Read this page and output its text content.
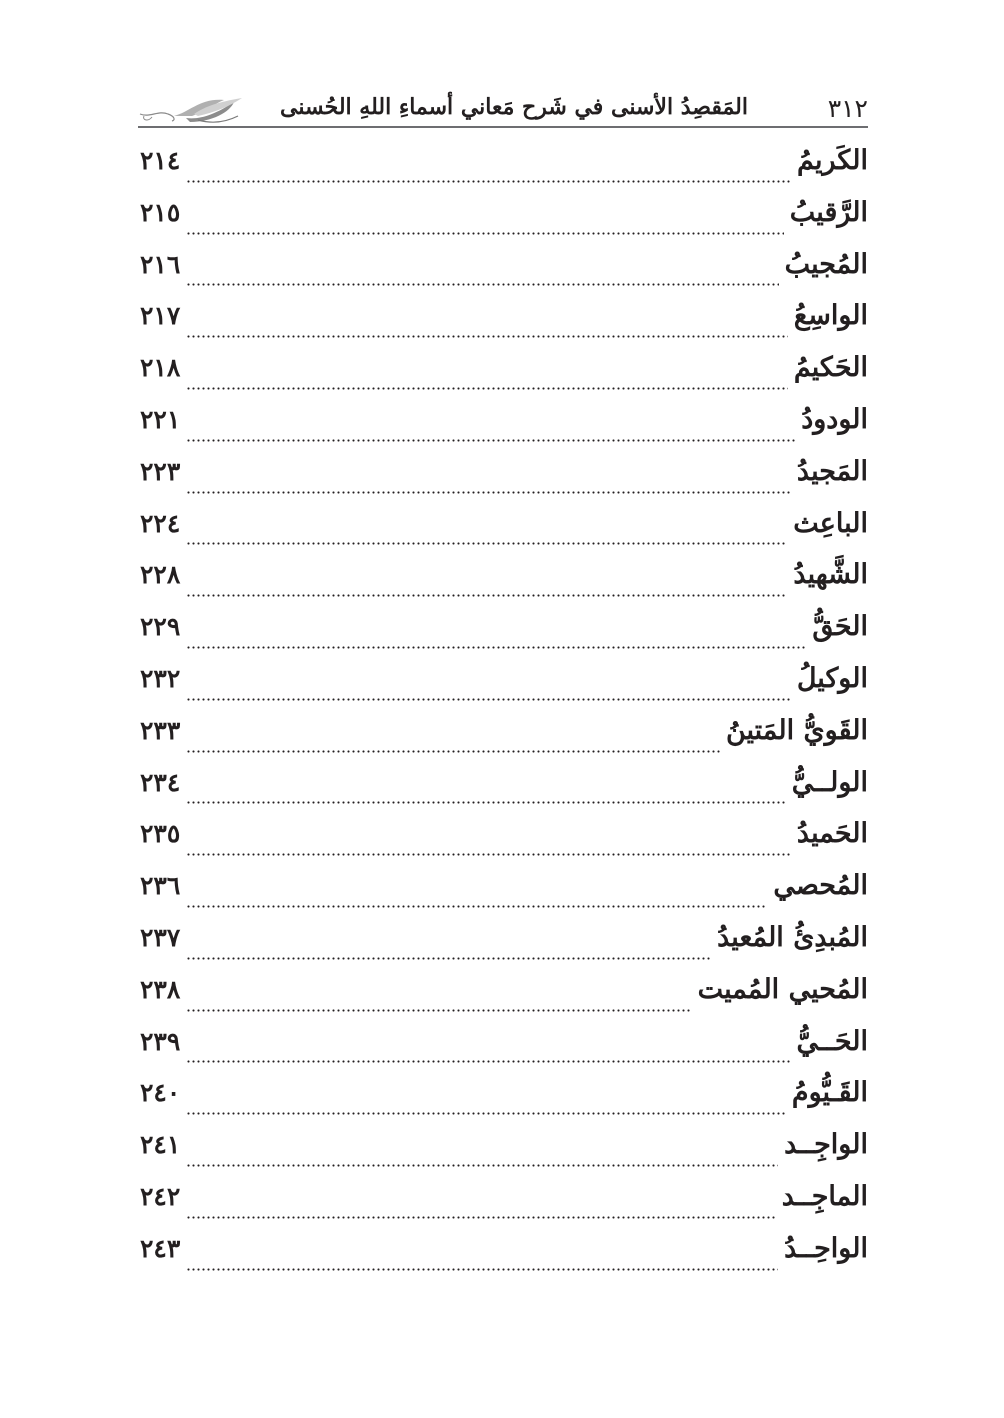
٣١٢
المَقصِدُ الأسنى في شَرح مَعاني أسماءِ اللهِ الحُسنى
الكَريمُ
٢١٤
الرَّقيبُ
٢١٥
المُجيبُ
٢١٦
الواسِعُ
٢١٧
الحَكيمُ
٢١٨
الودودُ
٢٢١
المَجيدُ
٢٢٣
الباعِث
٢٢٤
الشَّهيدُ
٢٢٨
الحَقُّ
٢٢٩
الوكيلُ
٢٣٢
القَويُّ المَتينُ
٢٣٣
الولــيُّ
٢٣٤
الحَميدُ
٢٣٥
المُحصي
٢٣٦
المُبدِئُ المُعيدُ
٢٣٧
المُحيي المُميت
٢٣٨
الحَــيُّ
٢٣٩
القَـيُّومُ
٢٤٠
الواجِــد
٢٤١
الماجِــد
٢٤٢
الواحِــدُ
٢٤٣
